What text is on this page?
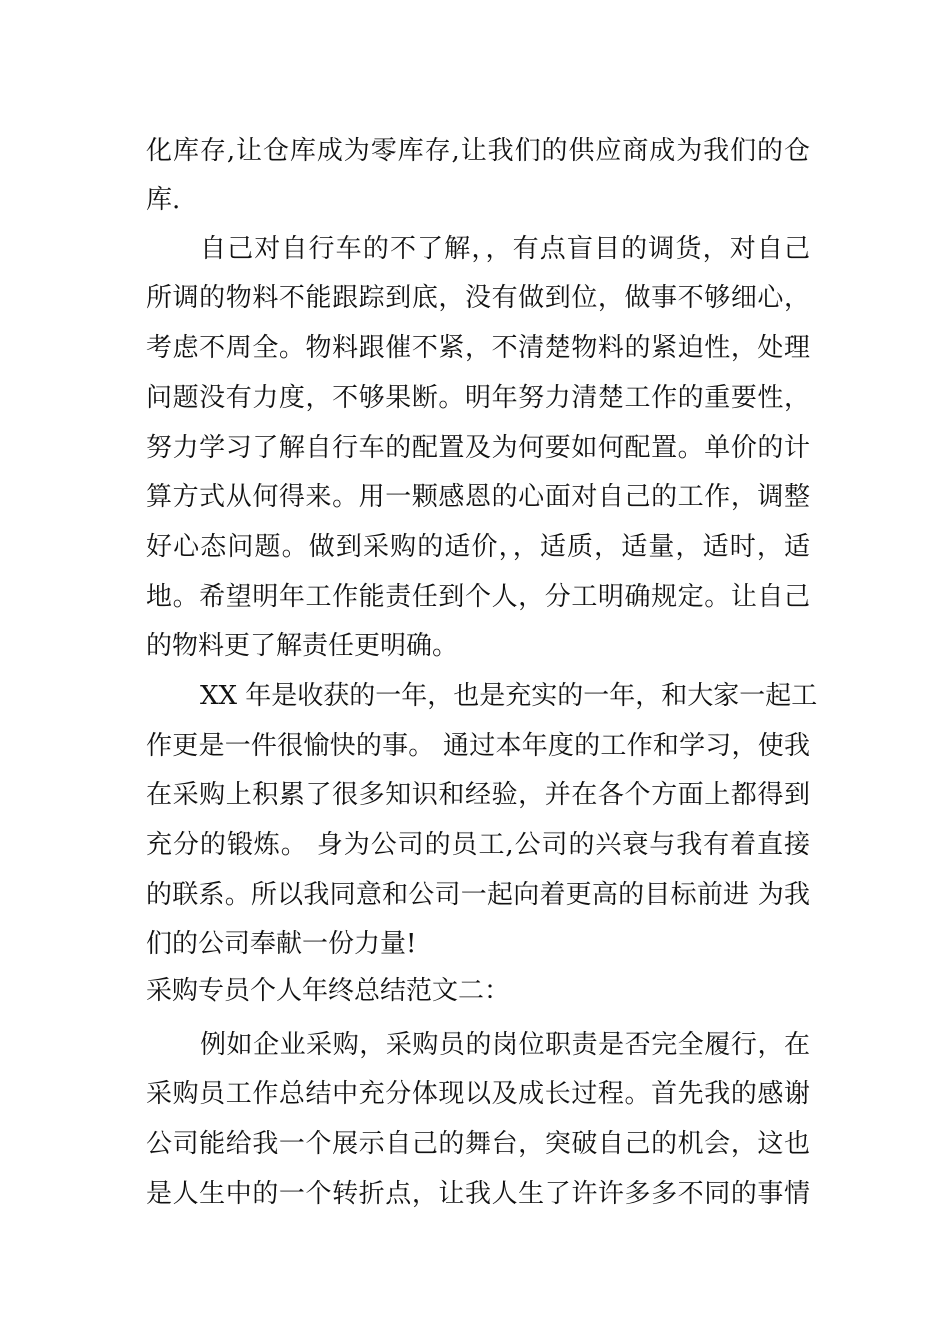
化库存,让仓库成为零库存,让我们的供应商成为我们的仓
库.
自己对自行车的不了解，，有点盲目的调货，对自己
所调的物料不能跟踪到底，没有做到位，做事不够细心，
考虑不周全。物料跟催不紧，不清楚物料的紧迫性，处理
问题没有力度，不够果断。明年努力清楚工作的重要性，
努力学习了解自行车的配置及为何要如何配置。单价的计
算方式从何得来。用一颗感恩的心面对自己的工作，调整
好心态问题。做到采购的适价，，适质，适量，适时，适
地。希望明年工作能责任到个人，分工明确规定。让自己
的物料更了解责任更明确。
XX 年是收获的一年，也是充实的一年，和大家一起工
作更是一件很愉快的事。 通过本年度的工作和学习，使我
在采购上积累了很多知识和经验，并在各个方面上都得到
充分的锻炼。 身为公司的员工,公司的兴衰与我有着直接
的联系。所以我同意和公司一起向着更高的目标前进 为我
们的公司奉献一份力量!
采购专员个人年终总结范文二：
例如企业采购，采购员的岗位职责是否完全履行，在
采购员工作总结中充分体现以及成长过程。首先我的感谢
公司能给我一个展示自己的舞台，突破自己的机会，这也
是人生中的一个转折点，让我人生了许许多多不同的事情
